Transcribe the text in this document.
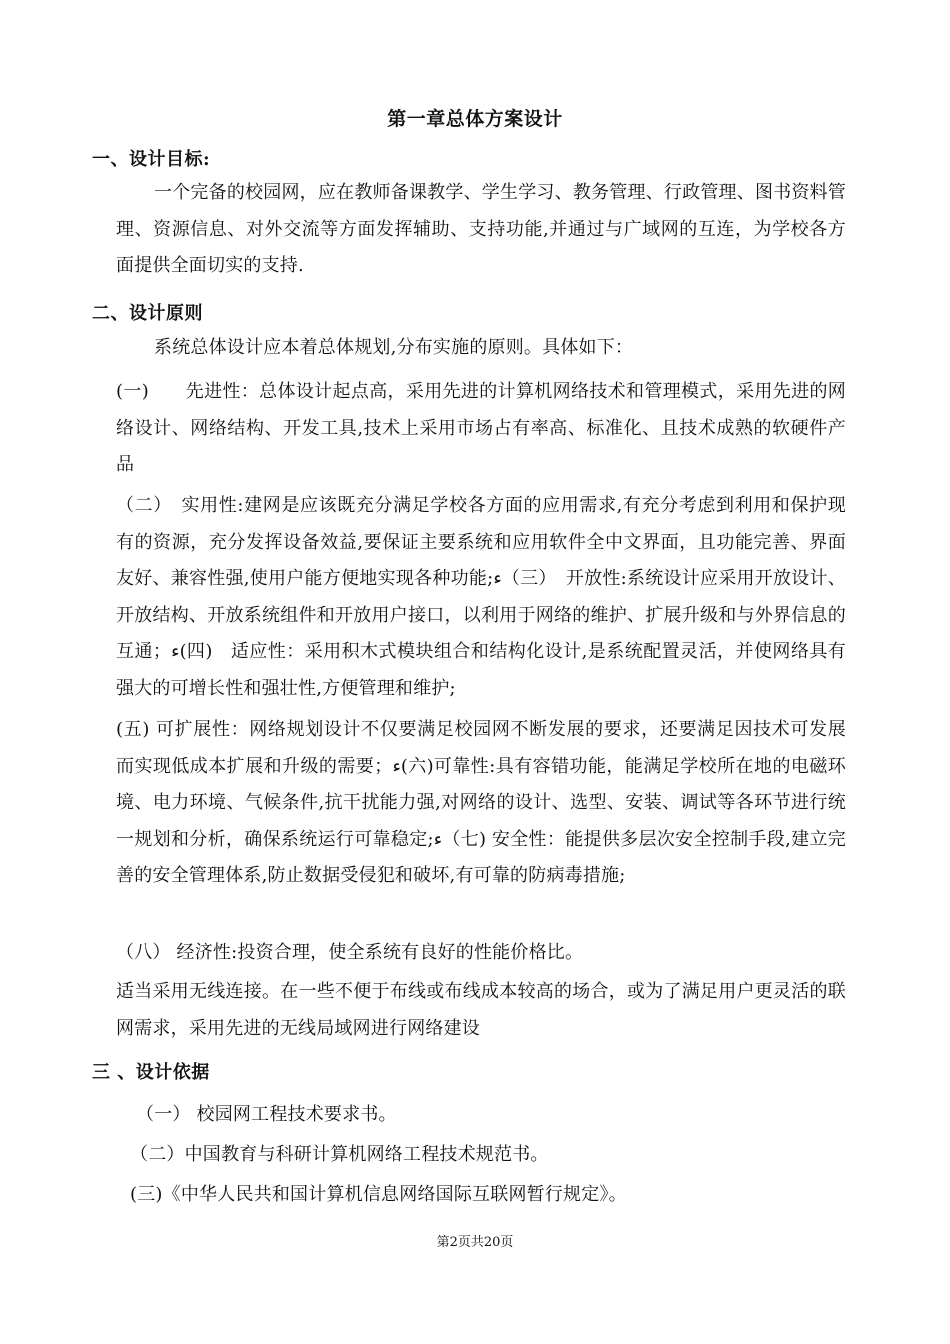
第一章总体方案设计
一、设计目标:
一个完备的校园网，应在教师备课教学、学生学习、教务管理、行政管理、图书资料管理、资源信息、对外交流等方面发挥辅助、支持功能,并通过与广域网的互连，为学校各方面提供全面切实的支持.
二、设计原则
系统总体设计应本着总体规划,分布实施的原则。具体如下：
(一)　　先进性：总体设计起点高，采用先进的计算机网络技术和管理模式，采用先进的网络设计、网络结构、开发工具,技术上采用市场占有率高、标准化、且技术成熟的软硬件产品
（二）　实用性:建网是应该既充分满足学校各方面的应用需求,有充分考虑到利用和保护现有的资源，充分发挥设备效益,要保证主要系统和应用软件全中文界面，且功能完善、界面友好、兼容性强,使用户能方便地实现各种功能;ء（三）　开放性:系统设计应采用开放设计、开放结构、开放系统组件和开放用户接口，以利用于网络的维护、扩展升级和与外界信息的互通；ء(四)　适应性：采用积木式模块组合和结构化设计,是系统配置灵活，并使网络具有强大的可增长性和强壮性,方便管理和维护;
(五) 可扩展性：网络规划设计不仅要满足校园网不断发展的要求，还要满足因技术可发展而实现低成本扩展和升级的需要；ء(六)可靠性:具有容错功能，能满足学校所在地的电磁环境、电力环境、气候条件,抗干扰能力强,对网络的设计、选型、安装、调试等各环节进行统一规划和分析，确保系统运行可靠稳定;ء（七) 安全性：能提供多层次安全控制手段,建立完善的安全管理体系,防止数据受侵犯和破坏,有可靠的防病毒措施;
（八） 经济性:投资合理，使全系统有良好的性能价格比。
适当采用无线连接。在一些不便于布线或布线成本较高的场合，或为了满足用户更灵活的联网需求，采用先进的无线局域网进行网络建设
三 、设计依据
（一） 校园网工程技术要求书。
（二）中国教育与科研计算机网络工程技术规范书。
(三)《中华人民共和国计算机信息网络国际互联网暂行规定》。
第2页共20页
